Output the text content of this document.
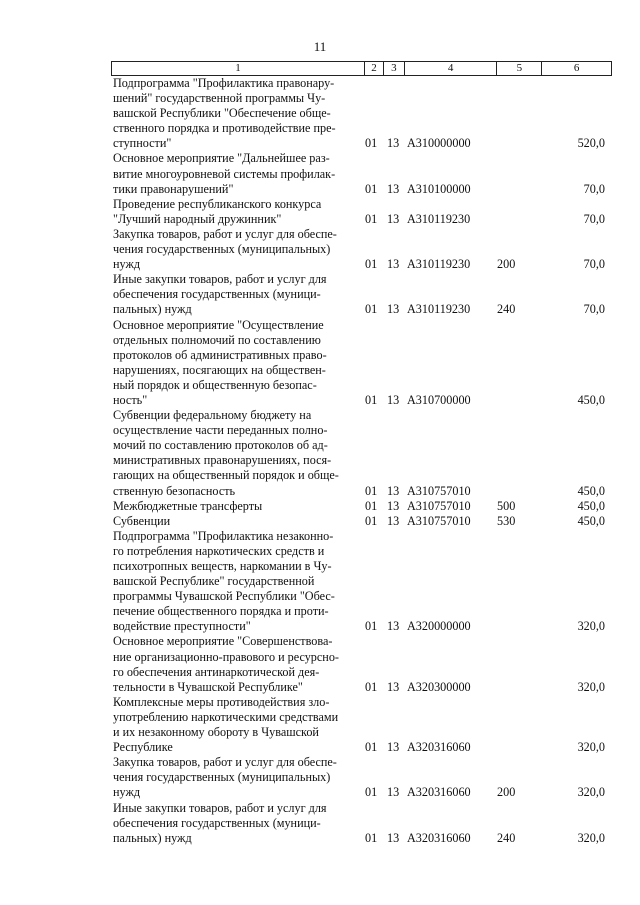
11
1	2	3	4	5	6
Подпрограмма "Профилактика правонару-
шений" государственной программы Чу-
вашской Республики "Обеспечение обще-
ственного порядка и противодействие пре-
ступности"	01 13 А310000000	520,0
Основное мероприятие "Дальнейшее раз-
витие многоуровневой системы профилак-
тики правонарушений"	01 13 А310100000	70,0
Проведение республиканского конкурса
"Лучший народный дружинник"	01 13 А310119230	70,0
Закупка товаров, работ и услуг для обеспе-
чения государственных (муниципальных)
нужд	01 13 А310119230	200	70,0
Иные закупки товаров, работ и услуг для
обеспечения государственных (муници-
пальных) нужд	01 13 А310119230	240	70,0
Основное мероприятие "Осуществление
отдельных полномочий по составлению
протоколов об административных право-
нарушениях, посягающих на обществен-
ный порядок и общественную безопас-
ность"	01 13 А310700000	450,0
Субвенции федеральному бюджету на
осуществление части переданных полно-
мочий по составлению протоколов об ад-
министративных правонарушениях, пося-
гающих на общественный порядок и обще-
ственную безопасность	01 13 А310757010	450,0
Межбюджетные трансферты	01 13 А310757010	500	450,0
Субвенции	01 13 А310757010	530	450,0
Подпрограмма "Профилактика незаконно-
го потребления наркотических средств и
психотропных веществ, наркомании в Чу-
вашской Республике" государственной
программы Чувашской Республики "Обес-
печение общественного порядка и проти-
водействие преступности"	01 13 А320000000	320,0
Основное мероприятие "Совершенствова-
ние организационно-правового и ресурсно-
го обеспечения антинаркотической дея-
тельности в Чувашской Республике"	01 13 А320300000	320,0
Комплексные меры противодействия зло-
употреблению наркотическими средствами
и их незаконному обороту в Чувашской
Республике	01 13 А320316060	320,0
Закупка товаров, работ и услуг для обеспе-
чения государственных (муниципальных)
нужд	01 13 А320316060	200	320,0
Иные закупки товаров, работ и услуг для
обеспечения государственных (муници-
пальных) нужд	01 13 А320316060	240	320,0
